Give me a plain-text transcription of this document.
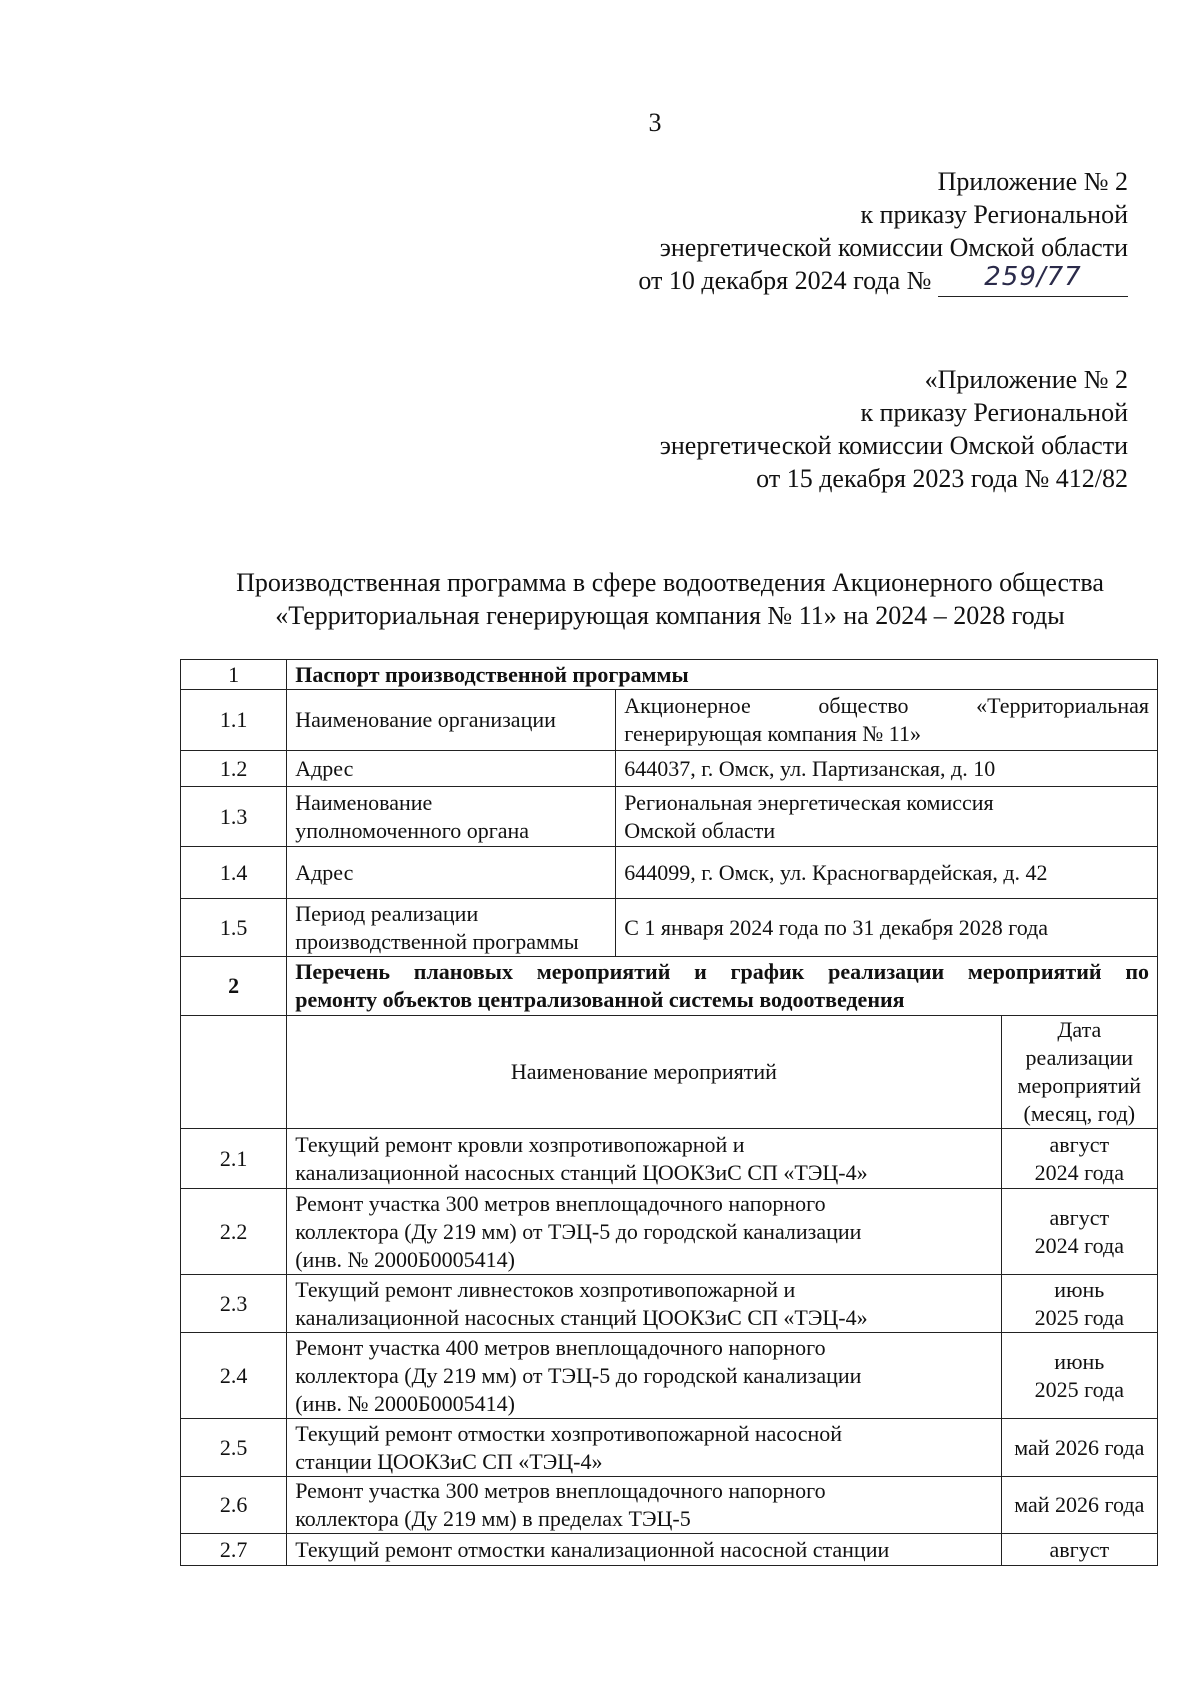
3
Приложение № 2
к приказу Региональной
энергетической комиссии Омской области
от 10 декабря 2024 года № 259/77
«Приложение № 2
к приказу Региональной
энергетической комиссии Омской области
от 15 декабря 2023 года № 412/82
Производственная программа в сфере водоотведения Акционерного общества
«Территориальная генерирующая компания № 11» на 2024 – 2028 годы
1	Паспорт производственной программы		
1.1	Наименование организации	Акционерное общество «Территориальная
генерирующая компания № 11»	

1.2	Адрес	644037, г. Омск, ул. Партизанская, д. 10	
1.3	Наименование
уполномоченного органа	Региональная энергетическая комиссия
Омской области	

1.4	Адрес	644099, г. Омск, ул. Красногвардейская, д. 42	
1.5	Период реализации
производственной программы	С 1 января 2024 года по 31 декабря 2028 года	
2	Перечень плановых мероприятий и график реализации мероприятий по
ремонту объектов централизованной системы водоотведения		

	Наименование мероприятий		Дата
реализации
мероприятий
(месяц, год)

2.1	Текущий ремонт кровли хозпротивопожарной и
канализационной насосных станций ЦООКЗиС СП «ТЭЦ-4»		август
2024 года

2.2	Ремонт участка 300 метров внеплощадочного напорного
коллектора (Ду 219 мм) от ТЭЦ-5 до городской канализации
(инв. № 2000Б0005414)		август
2024 года

2.3	Текущий ремонт ливнестоков хозпротивопожарной и
канализационной насосных станций ЦООКЗиС СП «ТЭЦ-4»		июнь
2025 года

2.4	Ремонт участка 400 метров внеплощадочного напорного
коллектора (Ду 219 мм) от ТЭЦ-5 до городской канализации
(инв. № 2000Б0005414)		июнь
2025 года

2.5	Текущий ремонт отмостки хозпротивопожарной насосной
станции ЦООКЗиС СП «ТЭЦ-4»		май 2026 года
2.6	Ремонт участка 300 метров внеплощадочного напорного
коллектора (Ду 219 мм) в пределах ТЭЦ-5		май 2026 года
2.7	Текущий ремонт отмостки канализационной насосной станции		август
